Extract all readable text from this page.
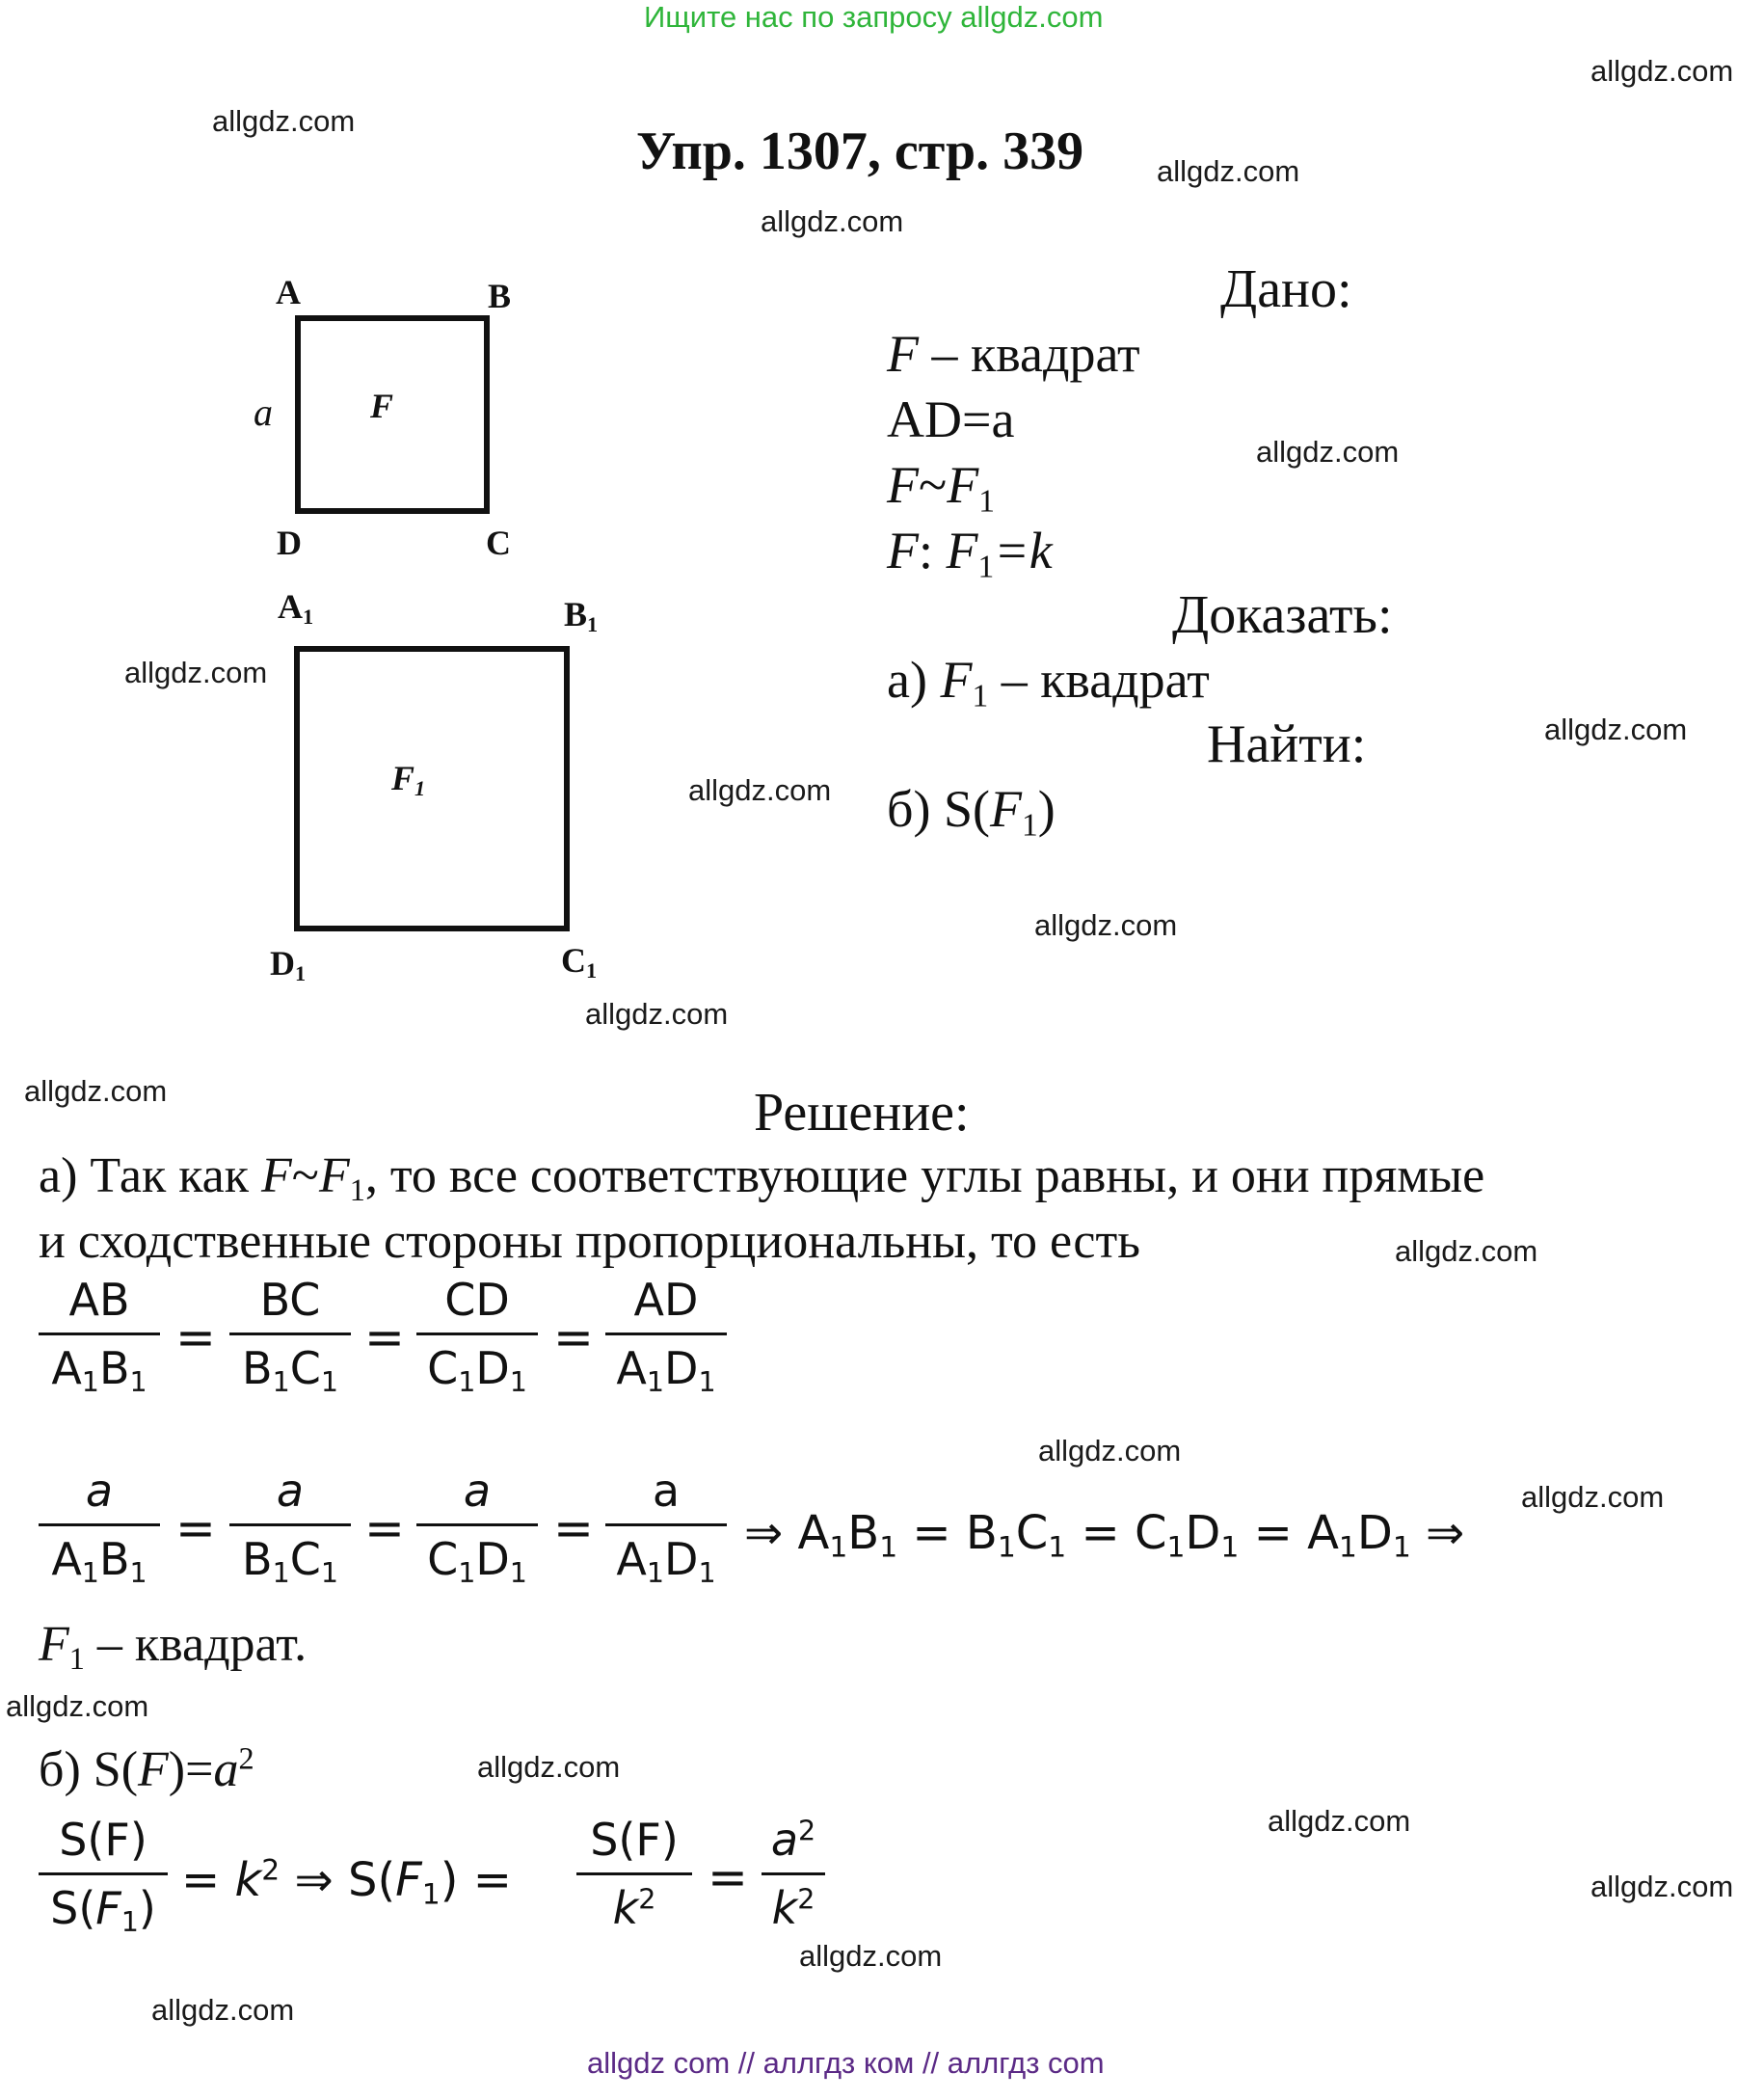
Ищите нас по запросу allgdz.com
allgdz com // аллгдз ком // аллгдз com
allgdz.com
allgdz.com
allgdz.com
allgdz.com
allgdz.com
allgdz.com
allgdz.com
allgdz.com
allgdz.com
allgdz.com
allgdz.com
allgdz.com
allgdz.com
allgdz.com
allgdz.com
allgdz.com
allgdz.com
allgdz.com
allgdz.com
allgdz.com
Упр. 1307, стр. 339
A	B
D	C
a	F
$A_1$	$B_1$
$D_1$	$C_1$
$F_1$
Дано:
F – квадрат
AD=a
$F\sim F_1$
F: $F_1=k$
Доказать:
а) $F_1$ – квадрат
Найти:
б) $S(F_1)$
Решение:
а) Так как $F\sim F_1$, то все соответствующие углы равны, и они прямые
и сходственные стороны пропорциональны, то есть
AB
$A_1B_1$
=
BC
$B_1C_1$
=
CD
$C_1D_1$
=
AD
$A_1D_1$
a
$A_1B_1$
=
a
$B_1C_1$
=
a
$C_1D_1$
=
a
$A_1D_1$
⇒ $A_1B_1 = B_1C_1 = C_1D_1 = A_1D_1$ ⇒
$F_1$ – квадрат.
б) $S(F)=a^2$
S(F)
$S(F_1)$
= $k^2$ ⇒ $S(F_1)$ =
S(F)
$k^2$	=
$a^2$
$k^2$
